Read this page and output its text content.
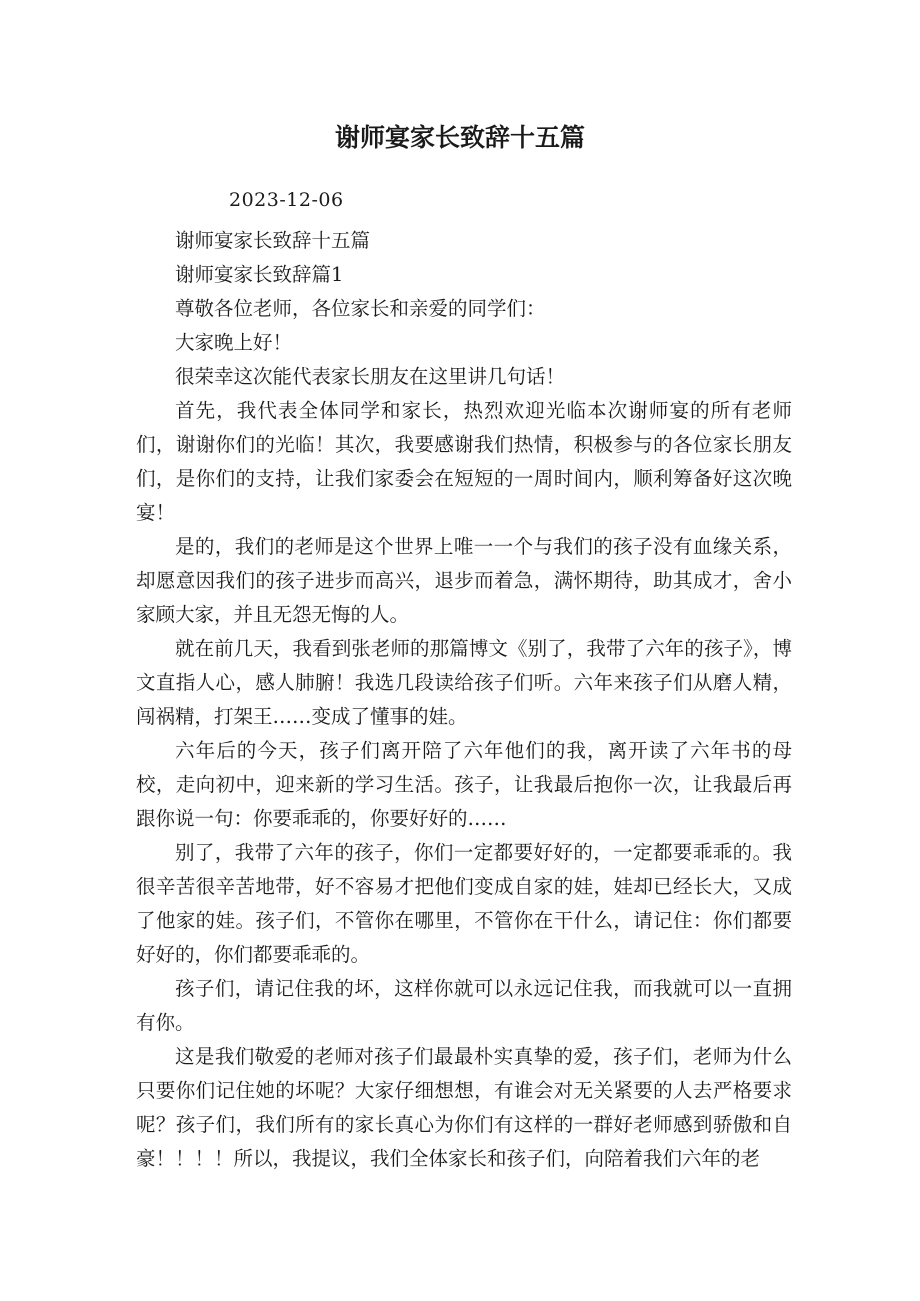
谢师宴家长致辞十五篇
2023-12-06

谢师宴家长致辞十五篇

谢师宴家长致辞篇1

尊敬各位老师，各位家长和亲爱的同学们：

大家晚上好！

很荣幸这次能代表家长朋友在这里讲几句话！

首先，我代表全体同学和家长，热烈欢迎光临本次谢师宴的所有老师们，谢谢你们的光临！其次，我要感谢我们热情，积极参与的各位家长朋友们，是你们的支持，让我们家委会在短短的一周时间内，顺利筹备好这次晚宴！

是的，我们的老师是这个世界上唯一一个与我们的孩子没有血缘关系，却愿意因我们的孩子进步而高兴，退步而着急，满怀期待，助其成才，舍小家顾大家，并且无怨无悔的人。

就在前几天，我看到张老师的那篇博文《别了，我带了六年的孩子》，博文直指人心，感人肺腑！我选几段读给孩子们听。六年来孩子们从磨人精，闯祸精，打架王……变成了懂事的娃。

六年后的今天，孩子们离开陪了六年他们的我，离开读了六年书的母校，走向初中，迎来新的学习生活。孩子，让我最后抱你一次，让我最后再跟你说一句：你要乖乖的，你要好好的……

别了，我带了六年的孩子，你们一定都要好好的，一定都要乖乖的。我很辛苦很辛苦地带，好不容易才把他们变成自家的娃，娃却已经长大，又成了他家的娃。孩子们，不管你在哪里，不管你在干什么，请记住：你们都要好好的，你们都要乖乖的。

孩子们，请记住我的坏，这样你就可以永远记住我，而我就可以一直拥有你。

这是我们敬爱的老师对孩子们最最朴实真挚的爱，孩子们，老师为什么只要你们记住她的坏呢？大家仔细想想，有谁会对无关紧要的人去严格要求呢？孩子们，我们所有的家长真心为你们有这样的一群好老师感到骄傲和自豪！！！！所以，我提议，我们全体家长和孩子们，向陪着我们六年的老
